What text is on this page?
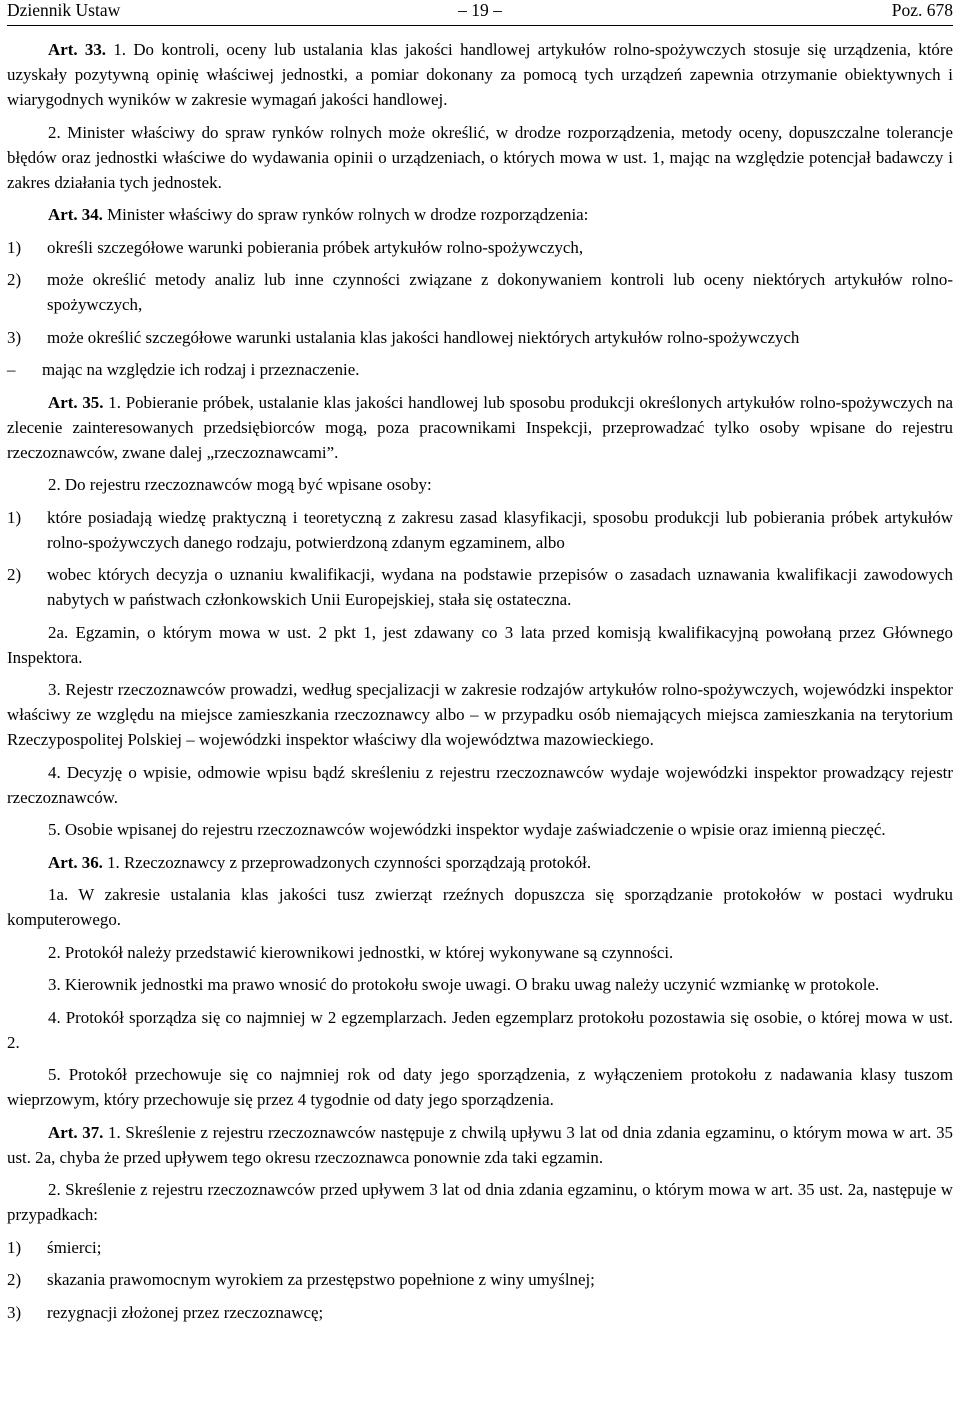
Dziennik Ustaw	– 19 –	Poz. 678

Art. 33. 1. Do kontroli, oceny lub ustalania klas jakości handlowej artykułów rolno-spożywczych stosuje się urządzenia, które uzyskały pozytywną opinię właściwej jednostki, a pomiar dokonany za pomocą tych urządzeń zapewnia otrzymanie obiektywnych i wiarygodnych wyników w zakresie wymagań jakości handlowej.

2. Minister właściwy do spraw rynków rolnych może określić, w drodze rozporządzenia, metody oceny, dopuszczalne tolerancje błędów oraz jednostki właściwe do wydawania opinii o urządzeniach, o których mowa w ust. 1, mając na względzie potencjał badawczy i zakres działania tych jednostek.

Art. 34. Minister właściwy do spraw rynków rolnych w drodze rozporządzenia:

1) określi szczegółowe warunki pobierania próbek artykułów rolno-spożywczych,

2) może określić metody analiz lub inne czynności związane z dokonywaniem kontroli lub oceny niektórych artykułów rolno-spożywczych,

3) może określić szczegółowe warunki ustalania klas jakości handlowej niektórych artykułów rolno-spożywczych

– mając na względzie ich rodzaj i przeznaczenie.

Art. 35. 1. Pobieranie próbek, ustalanie klas jakości handlowej lub sposobu produkcji określonych artykułów rolno-spożywczych na zlecenie zainteresowanych przedsiębiorców mogą, poza pracownikami Inspekcji, przeprowadzać tylko osoby wpisane do rejestru rzeczoznawców, zwane dalej „rzeczoznawcami”.

2. Do rejestru rzeczoznawców mogą być wpisane osoby:

1) które posiadają wiedzę praktyczną i teoretyczną z zakresu zasad klasyfikacji, sposobu produkcji lub pobierania próbek artykułów rolno-spożywczych danego rodzaju, potwierdzoną zdanym egzaminem, albo

2) wobec których decyzja o uznaniu kwalifikacji, wydana na podstawie przepisów o zasadach uznawania kwalifikacji zawodowych nabytych w państwach członkowskich Unii Europejskiej, stała się ostateczna.

2a. Egzamin, o którym mowa w ust. 2 pkt 1, jest zdawany co 3 lata przed komisją kwalifikacyjną powołaną przez Głównego Inspektora.

3. Rejestr rzeczoznawców prowadzi, według specjalizacji w zakresie rodzajów artykułów rolno-spożywczych, wojewódzki inspektor właściwy ze względu na miejsce zamieszkania rzeczoznawcy albo – w przypadku osób niemających miejsca zamieszkania na terytorium Rzeczypospolitej Polskiej – wojewódzki inspektor właściwy dla województwa mazowieckiego.

4. Decyzję o wpisie, odmowie wpisu bądź skreśleniu z rejestru rzeczoznawców wydaje wojewódzki inspektor prowadzący rejestr rzeczoznawców.

5. Osobie wpisanej do rejestru rzeczoznawców wojewódzki inspektor wydaje zaświadczenie o wpisie oraz imienną pieczęć.

Art. 36. 1. Rzeczoznawcy z przeprowadzonych czynności sporządzają protokół.

1a. W zakresie ustalania klas jakości tusz zwierząt rzeźnych dopuszcza się sporządzanie protokołów w postaci wydruku komputerowego.

2. Protokół należy przedstawić kierownikowi jednostki, w której wykonywane są czynności.

3. Kierownik jednostki ma prawo wnosić do protokołu swoje uwagi. O braku uwag należy uczynić wzmiankę w protokole.

4. Protokół sporządza się co najmniej w 2 egzemplarzach. Jeden egzemplarz protokołu pozostawia się osobie, o której mowa w ust. 2.

5. Protokół przechowuje się co najmniej rok od daty jego sporządzenia, z wyłączeniem protokołu z nadawania klasy tuszom wieprzowym, który przechowuje się przez 4 tygodnie od daty jego sporządzenia.

Art. 37. 1. Skreślenie z rejestru rzeczoznawców następuje z chwilą upływu 3 lat od dnia zdania egzaminu, o którym mowa w art. 35 ust. 2a, chyba że przed upływem tego okresu rzeczoznawca ponownie zda taki egzamin.

2. Skreślenie z rejestru rzeczoznawców przed upływem 3 lat od dnia zdania egzaminu, o którym mowa w art. 35 ust. 2a, następuje w przypadkach:

1) śmierci;

2) skazania prawomocnym wyrokiem za przestępstwo popełnione z winy umyślnej;

3) rezygnacji złożonej przez rzeczoznawcę;
